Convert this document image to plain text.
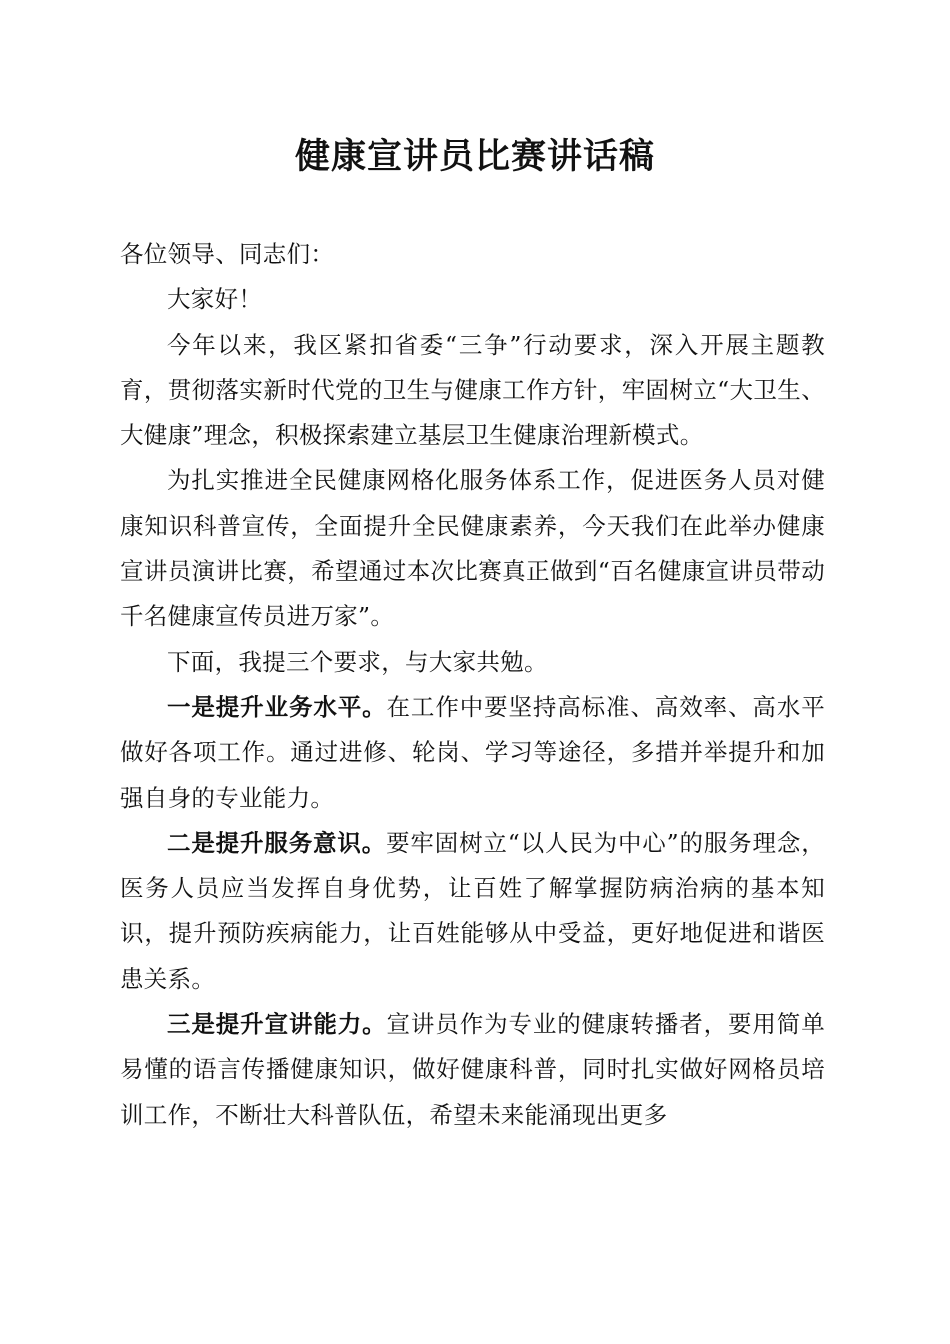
健康宣讲员比赛讲话稿

各位领导、同志们：

大家好！

今年以来，我区紧扣省委“三争”行动要求，深入开展主题教育，贯彻落实新时代党的卫生与健康工作方针，牢固树立“大卫生、大健康”理念，积极探索建立基层卫生健康治理新模式。

为扎实推进全民健康网格化服务体系工作，促进医务人员对健康知识科普宣传，全面提升全民健康素养，今天我们在此举办健康宣讲员演讲比赛，希望通过本次比赛真正做到“百名健康宣讲员带动千名健康宣传员进万家”。

下面，我提三个要求，与大家共勉。

一是提升业务水平。在工作中要坚持高标准、高效率、高水平做好各项工作。通过进修、轮岗、学习等途径，多措并举提升和加强自身的专业能力。

二是提升服务意识。要牢固树立“以人民为中心”的服务理念，医务人员应当发挥自身优势，让百姓了解掌握防病治病的基本知识，提升预防疾病能力，让百姓能够从中受益，更好地促进和谐医患关系。

三是提升宣讲能力。宣讲员作为专业的健康转播者，要用简单易懂的语言传播健康知识，做好健康科普，同时扎实做好网格员培训工作，不断壮大科普队伍，希望未来能涌现出更多
